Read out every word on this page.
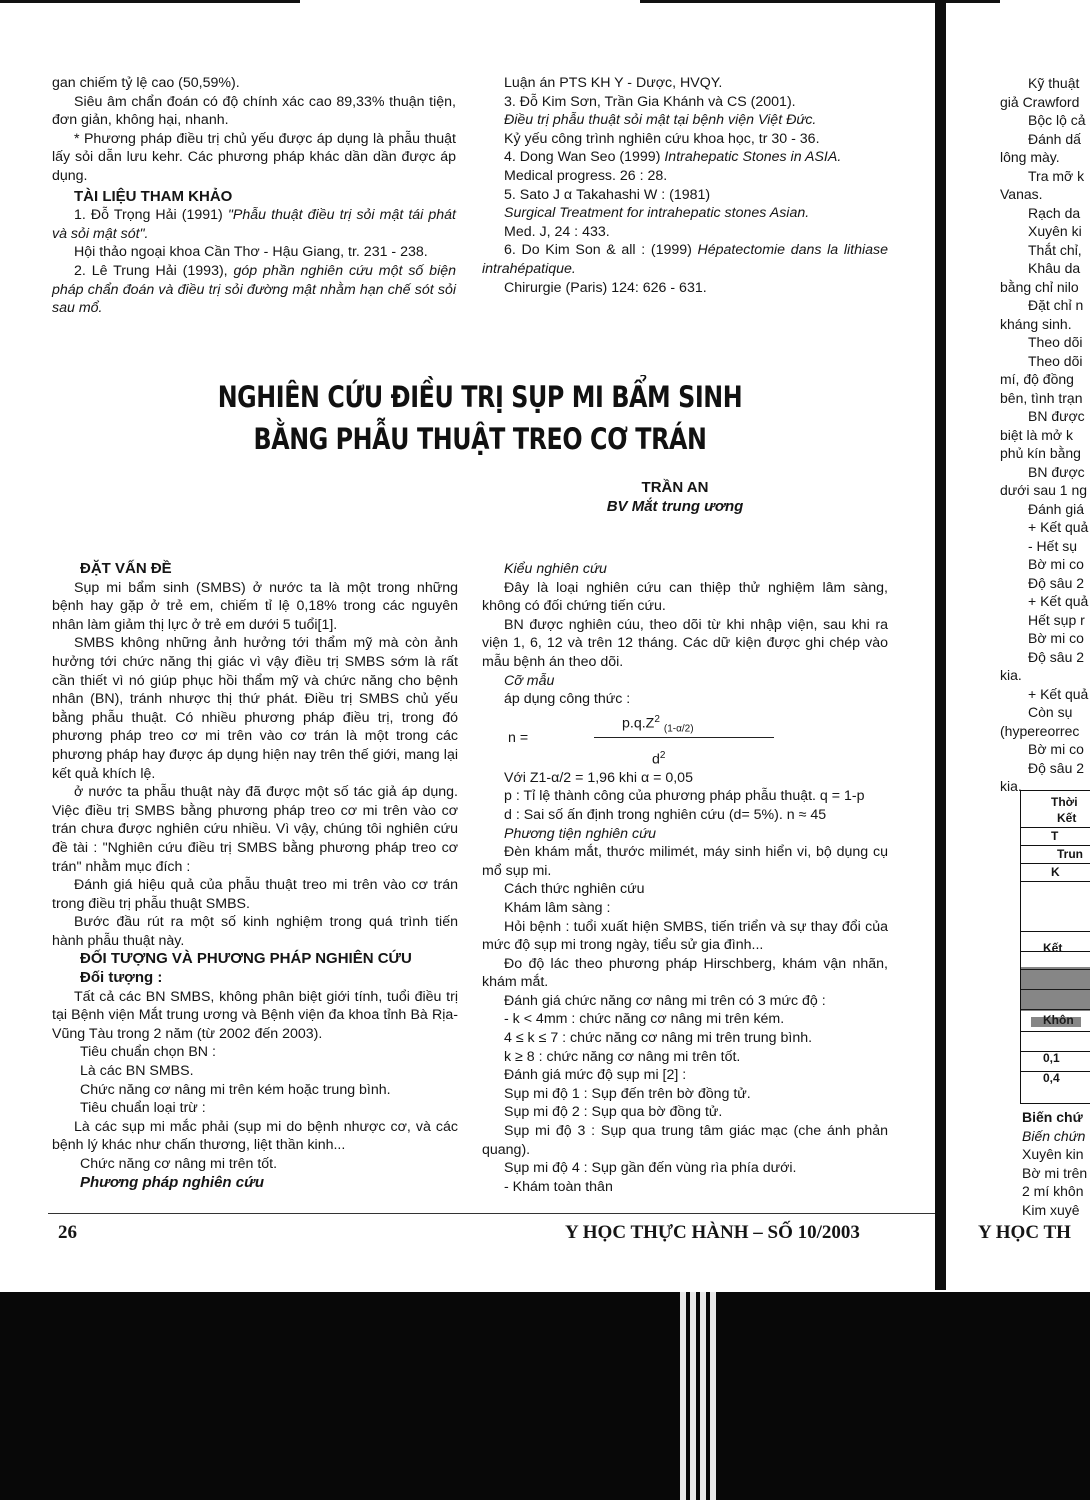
gan chiếm tỷ lệ cao (50,59%).

Siêu âm chẩn đoán có độ chính xác cao 89,33% thuận tiện, đơn giản, không hại, nhanh.

* Phương pháp điều trị chủ yếu được áp dụng là phẫu thuật lấy sỏi dẫn lưu kehr. Các phương pháp khác dần dần được áp dụng.

TÀI LIỆU THAM KHẢO

1. Đỗ Trọng Hải (1991) "Phẫu thuật điều trị sỏi mật tái phát và sỏi mật sót".

Hội thảo ngoại khoa Cần Thơ - Hậu Giang, tr. 231 - 238.

2. Lê Trung Hải (1993), góp phần nghiên cứu một số biện pháp chẩn đoán và điều trị sỏi đường mật nhằm hạn chế sót sỏi sau mổ.

Luận án PTS KH Y - Dược, HVQY.

3. Đỗ Kim Sơn, Trần Gia Khánh và CS (2001).

Điều trị phẫu thuật sỏi mật tại bệnh viện Việt Đức.

Kỷ yếu công trình nghiên cứu khoa học, tr 30 - 36.

4. Dong Wan Seo (1999) Intrahepatic Stones in ASIA.

Medical progress. 26 : 28.

5. Sato J α Takahashi W : (1981)

Surgical Treatment for intrahepatic stones Asian.

Med. J, 24 : 433.

6. Do Kim Son & all : (1999) Hépatectomie dans la lithiase intrahépatique.

Chirurgie (Paris) 124: 626 - 631.

NGHIÊN CỨU ĐIỀU TRỊ SỤP MI BẨM SINH
BẰNG PHẪU THUẬT TREO CƠ TRÁN
TRẦN AN
BV Mắt trung ương

ĐẶT VẤN ĐỀ

Sụp mi bẩm sinh (SMBS) ở nước ta là một trong những bệnh hay gặp ở trẻ em, chiếm tỉ lệ 0,18% trong các nguyên nhân làm giảm thị lực ở trẻ em dưới 5 tuổi[1].

SMBS không những ảnh hưởng tới thẩm mỹ mà còn ảnh hưởng tới chức năng thị giác vì vậy điều trị SMBS sớm là rất cần thiết vì nó giúp phục hồi thẩm mỹ và chức năng cho bệnh nhân (BN), tránh nhược thị thứ phát. Điều trị SMBS chủ yếu bằng phẫu thuật. Có nhiều phương pháp điều trị, trong đó phương pháp treo cơ mi trên vào cơ trán là một trong các phương pháp hay được áp dụng hiện nay trên thế giới, mang lại kết quả khích lệ.

ở nước ta phẫu thuật này đã được một số tác giả áp dụng. Việc điều trị SMBS bằng phương pháp treo cơ mi trên vào cơ trán chưa được nghiên cứu nhiều. Vì vậy, chúng tôi nghiên cứu đề tài : "Nghiên cứu điều trị SMBS bằng phương pháp treo cơ trán" nhằm mục đích :

Đánh giá hiệu quả của phẫu thuật treo mi trên vào cơ trán trong điều trị phẫu thuật SMBS.

Bước đầu rút ra một số kinh nghiệm trong quá trình tiến hành phẫu thuật này.

ĐỐI TƯỢNG VÀ PHƯƠNG PHÁP NGHIÊN CỨU

Đối tượng :

Tất cả các BN SMBS, không phân biệt giới tính, tuổi điều trị tại Bệnh viện Mắt trung ương và Bệnh viện đa khoa tỉnh Bà Rịa-Vũng Tàu trong 2 năm (từ 2002 đến 2003).

Tiêu chuẩn chọn BN :

Là các BN SMBS.

Chức năng cơ nâng mi trên kém hoặc trung bình.

Tiêu chuẩn loại trừ :

Là các sụp mi mắc phải (sụp mi do bệnh nhược cơ, và các bệnh lý khác như chấn thương, liệt thần kinh...

Chức năng cơ nâng mi trên tốt.

Phương pháp nghiên cứu

Kiểu nghiên cứu

Đây là loại nghiên cứu can thiệp thử nghiệm lâm sàng, không có đối chứng tiến cứu.

BN được nghiên cúu, theo dõi từ khi nhập viện, sau khi ra viện 1, 6, 12 và trên 12 tháng. Các dữ kiện được ghi chép vào mẫu bệnh án theo dõi.

Cỡ mẫu

áp dụng công thức :

$p.q.Z^2$ $_{(1-\alpha/2)}$
n =
$d^2$

Với Z1-α/2 = 1,96 khi α = 0,05

p : Tỉ lệ thành công của phương pháp phẫu thuật. q = 1-p

d : Sai số ấn định trong nghiên cứu (d= 5%). n ≈ 45

Phương tiện nghiên cứu

Đèn khám mắt, thước milimét, máy sinh hiển vi, bộ dụng cụ mổ sụp mi.

Cách thức nghiên cứu

Khám lâm sàng :

Hỏi bệnh : tuổi xuất hiện SMBS, tiến triển và sự thay đổi của mức độ sụp mi trong ngày, tiểu sử gia đình...

Đo độ lác theo phương pháp Hirschberg, khám vận nhãn, khám mắt.

Đánh giá chức năng cơ nâng mi trên có 3 mức độ :

- k < 4mm : chức năng cơ nâng mi trên kém.

4 ≤ k ≤ 7 : chức năng cơ nâng mi trên trung bình.

k ≥ 8 : chức năng cơ nâng mi trên tốt.

Đánh giá mức độ sụp mi [2] :

Sụp mi độ 1 : Sụp đến trên bờ đồng tử.

Sụp mi độ 2 : Sụp qua bờ đồng tử.

Sụp mi độ 3 : Sụp qua trung tâm giác mạc (che ánh phản quang).

Sụp mi độ 4 : Sụp gần đến vùng rìa phía dưới.

- Khám toàn thân

26	Y HỌC THỰC HÀNH – SỐ 10/2003
Kỹ thuật
giả Crawford
Bộc lộ cả
Đánh dấ
lông mày.
Tra mỡ k
Vanas.
Rạch da
Xuyên ki
Thắt chỉ,
Khâu da
bằng chỉ nilo
Đặt chỉ n
kháng sinh.
Theo dõi
Theo dõi
mí, độ đồng
bên, tình trạn
BN được
biệt là mở k
phủ kín bằng
BN được
dưới sau 1 ng
Đánh giá
+ Kết quả
- Hết sụ
Bờ mi co
Độ sâu 2
+ Kết quả
Hết sụp r
Bờ mi co
Độ sâu 2
kia.
+ Kết quả
Còn sụ
(hypereorrec
Bờ mi co
Độ sâu 2
kia.
Biến chứ
Biến chứn
Xuyên kin
Bờ mi trên
2 mí khôn
Kim xuyê
Thời
Kết
T
Trun
K
Kết
0,1
0,4
Y HỌC TH
